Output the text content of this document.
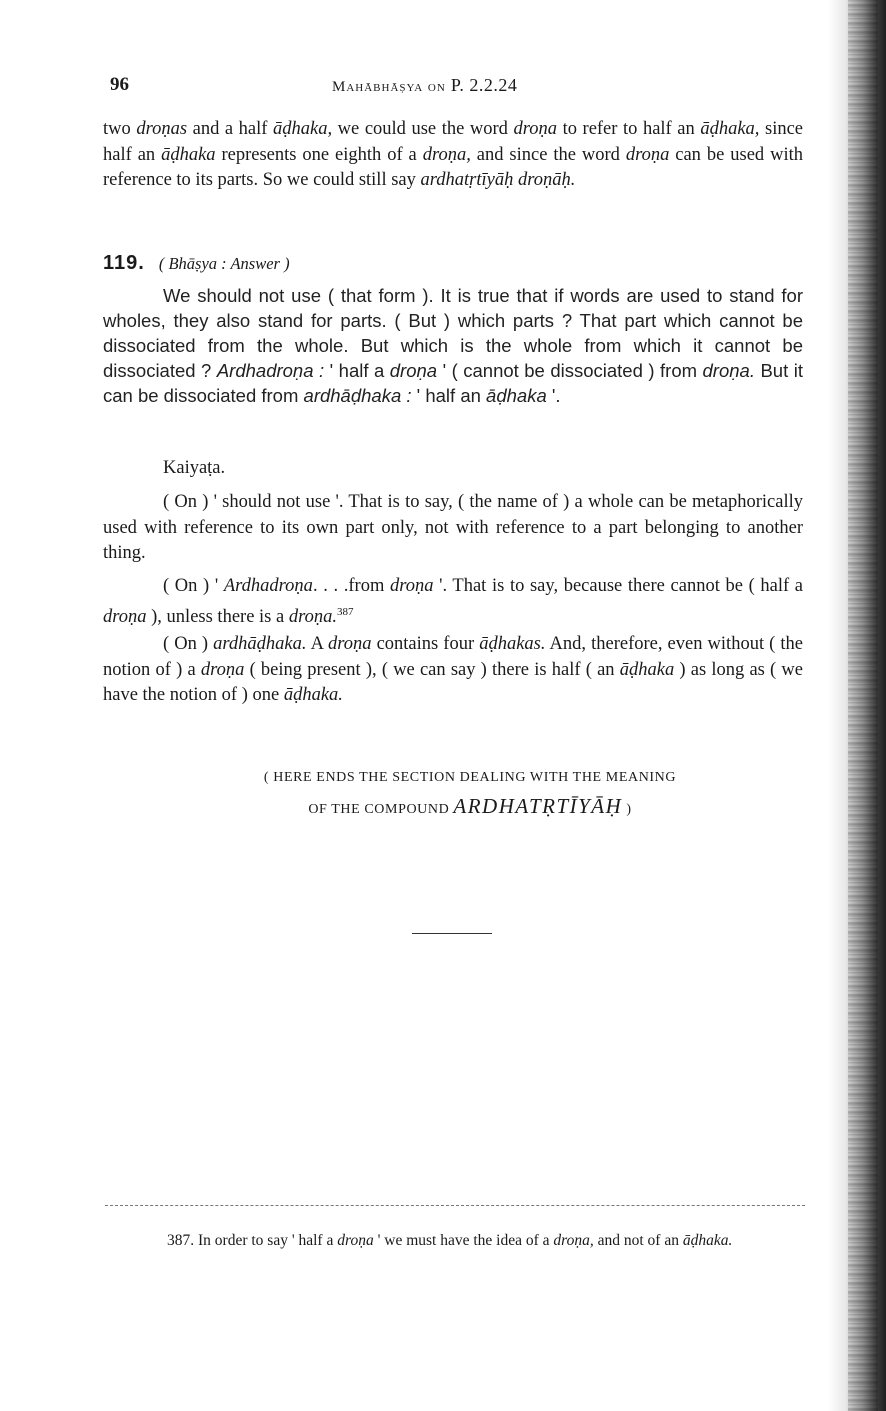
96	Mahābhāṣya on P. 2.2.24

two droṇas and a half āḍhaka, we could use the word droṇa to refer to half an āḍhaka, since half an āḍhaka represents one eighth of a droṇa, and since the word droṇa can be used with reference to its parts. So we could still say ardhatṛtīyāḥ droṇāḥ.

119. ( Bhāṣya : Answer )

We should not use ( that form ). It is true that if words are used to stand for wholes, they also stand for parts. ( But ) which parts ? That part which cannot be dissociated from the whole. But which is the whole from which it cannot be dissociated ? Ardhadroṇa : ' half a droṇa ' ( cannot be dissociated ) from droṇa. But it can be dissociated from ardhāḍhaka : ' half an āḍhaka '.

Kaiyaṭa.

( On ) ' should not use '. That is to say, ( the name of ) a whole can be metaphorically used with reference to its own part only, not with reference to a part belonging to another thing.

( On ) ' Ardhadroṇa. . . .from droṇa '. That is to say, because there cannot be ( half a droṇa ), unless there is a droṇa.$^{387}$

( On ) ardhāḍhaka. A droṇa contains four āḍhakas. And, therefore, even without ( the notion of ) a droṇa ( being present ), ( we can say ) there is half ( an āḍhaka ) as long as ( we have the notion of ) one āḍhaka.

( HERE ENDS THE SECTION DEALING WITH THE MEANING
OF THE COMPOUND ARDHATṚTĪYĀḤ )

387. In order to say ' half a droṇa ' we must have the idea of a droṇa, and not of an āḍhaka.
